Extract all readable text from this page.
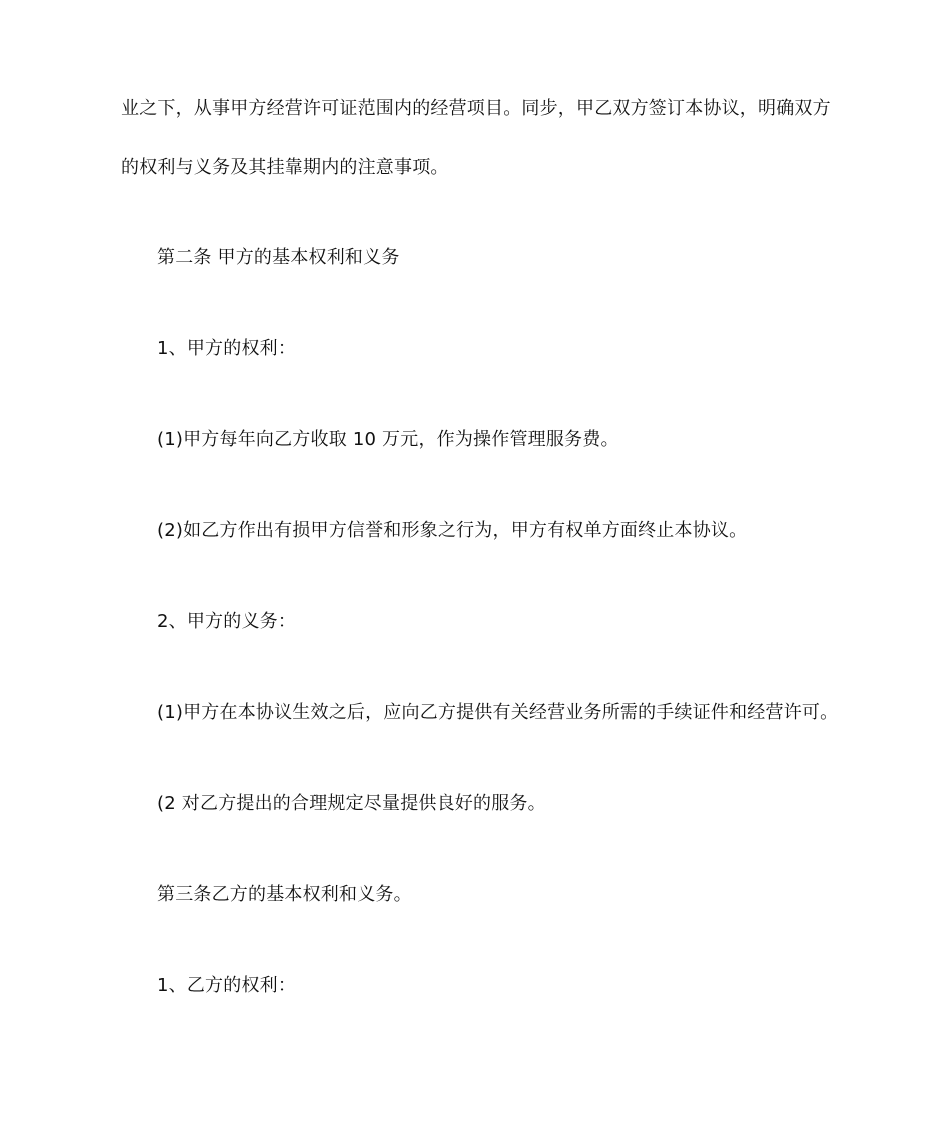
业之下，从事甲方经营许可证范围内的经营项目。同步，甲乙双方签订本协议，明确双方
的权利与义务及其挂靠期内的注意事项。
第二条 甲方的基本权利和义务
1、甲方的权利：
(1)甲方每年向乙方收取 10 万元，作为操作管理服务费。
(2)如乙方作出有损甲方信誉和形象之行为，甲方有权单方面终止本协议。
2、甲方的义务：
(1)甲方在本协议生效之后，应向乙方提供有关经营业务所需的手续证件和经营许可。
(2 对乙方提出的合理规定尽量提供良好的服务。
第三条乙方的基本权利和义务。
1、乙方的权利：
